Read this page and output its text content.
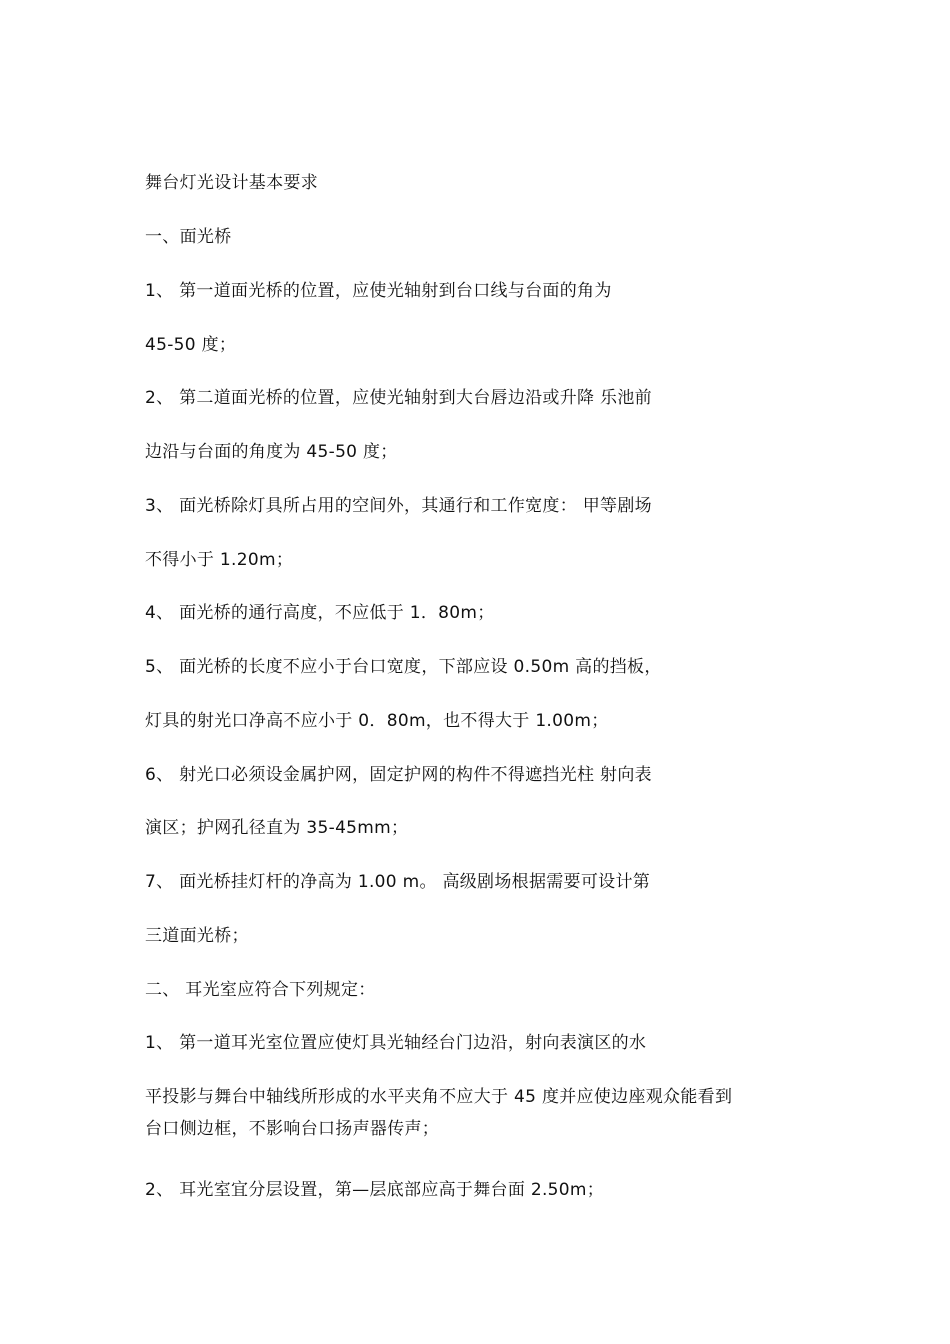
舞台灯光设计基本要求
一、面光桥
1、 第一道面光桥的位置，应使光轴射到台口线与台面的角为
45-50 度；
2、 第二道面光桥的位置，应使光轴射到大台唇边沿或升降 乐池前
边沿与台面的角度为 45-50 度；
3、 面光桥除灯具所占用的空间外，其通行和工作宽度： 甲等剧场
不得小于 1.20m；
4、 面光桥的通行高度，不应低于 1．80m；
5、 面光桥的长度不应小于台口宽度，下部应设 0.50m 高的挡板，
灯具的射光口净高不应小于 0．80m，也不得大于 1.00m；
6、 射光口必须设金属护网，固定护网的构件不得遮挡光柱 射向表
演区；护网孔径直为 35-45mm；
7、 面光桥挂灯杆的净高为 1.00 m。 高级剧场根据需要可设计第
三道面光桥；
二、 耳光室应符合下列规定：
1、 第一道耳光室位置应使灯具光轴经台门边沿，射向表演区的水
平投影与舞台中轴线所形成的水平夹角不应大于 45 度并应使边座观众能看到
台口侧边框，不影响台口扬声器传声；
2、 耳光室宜分层设置，第—层底部应高于舞台面 2.50m；
